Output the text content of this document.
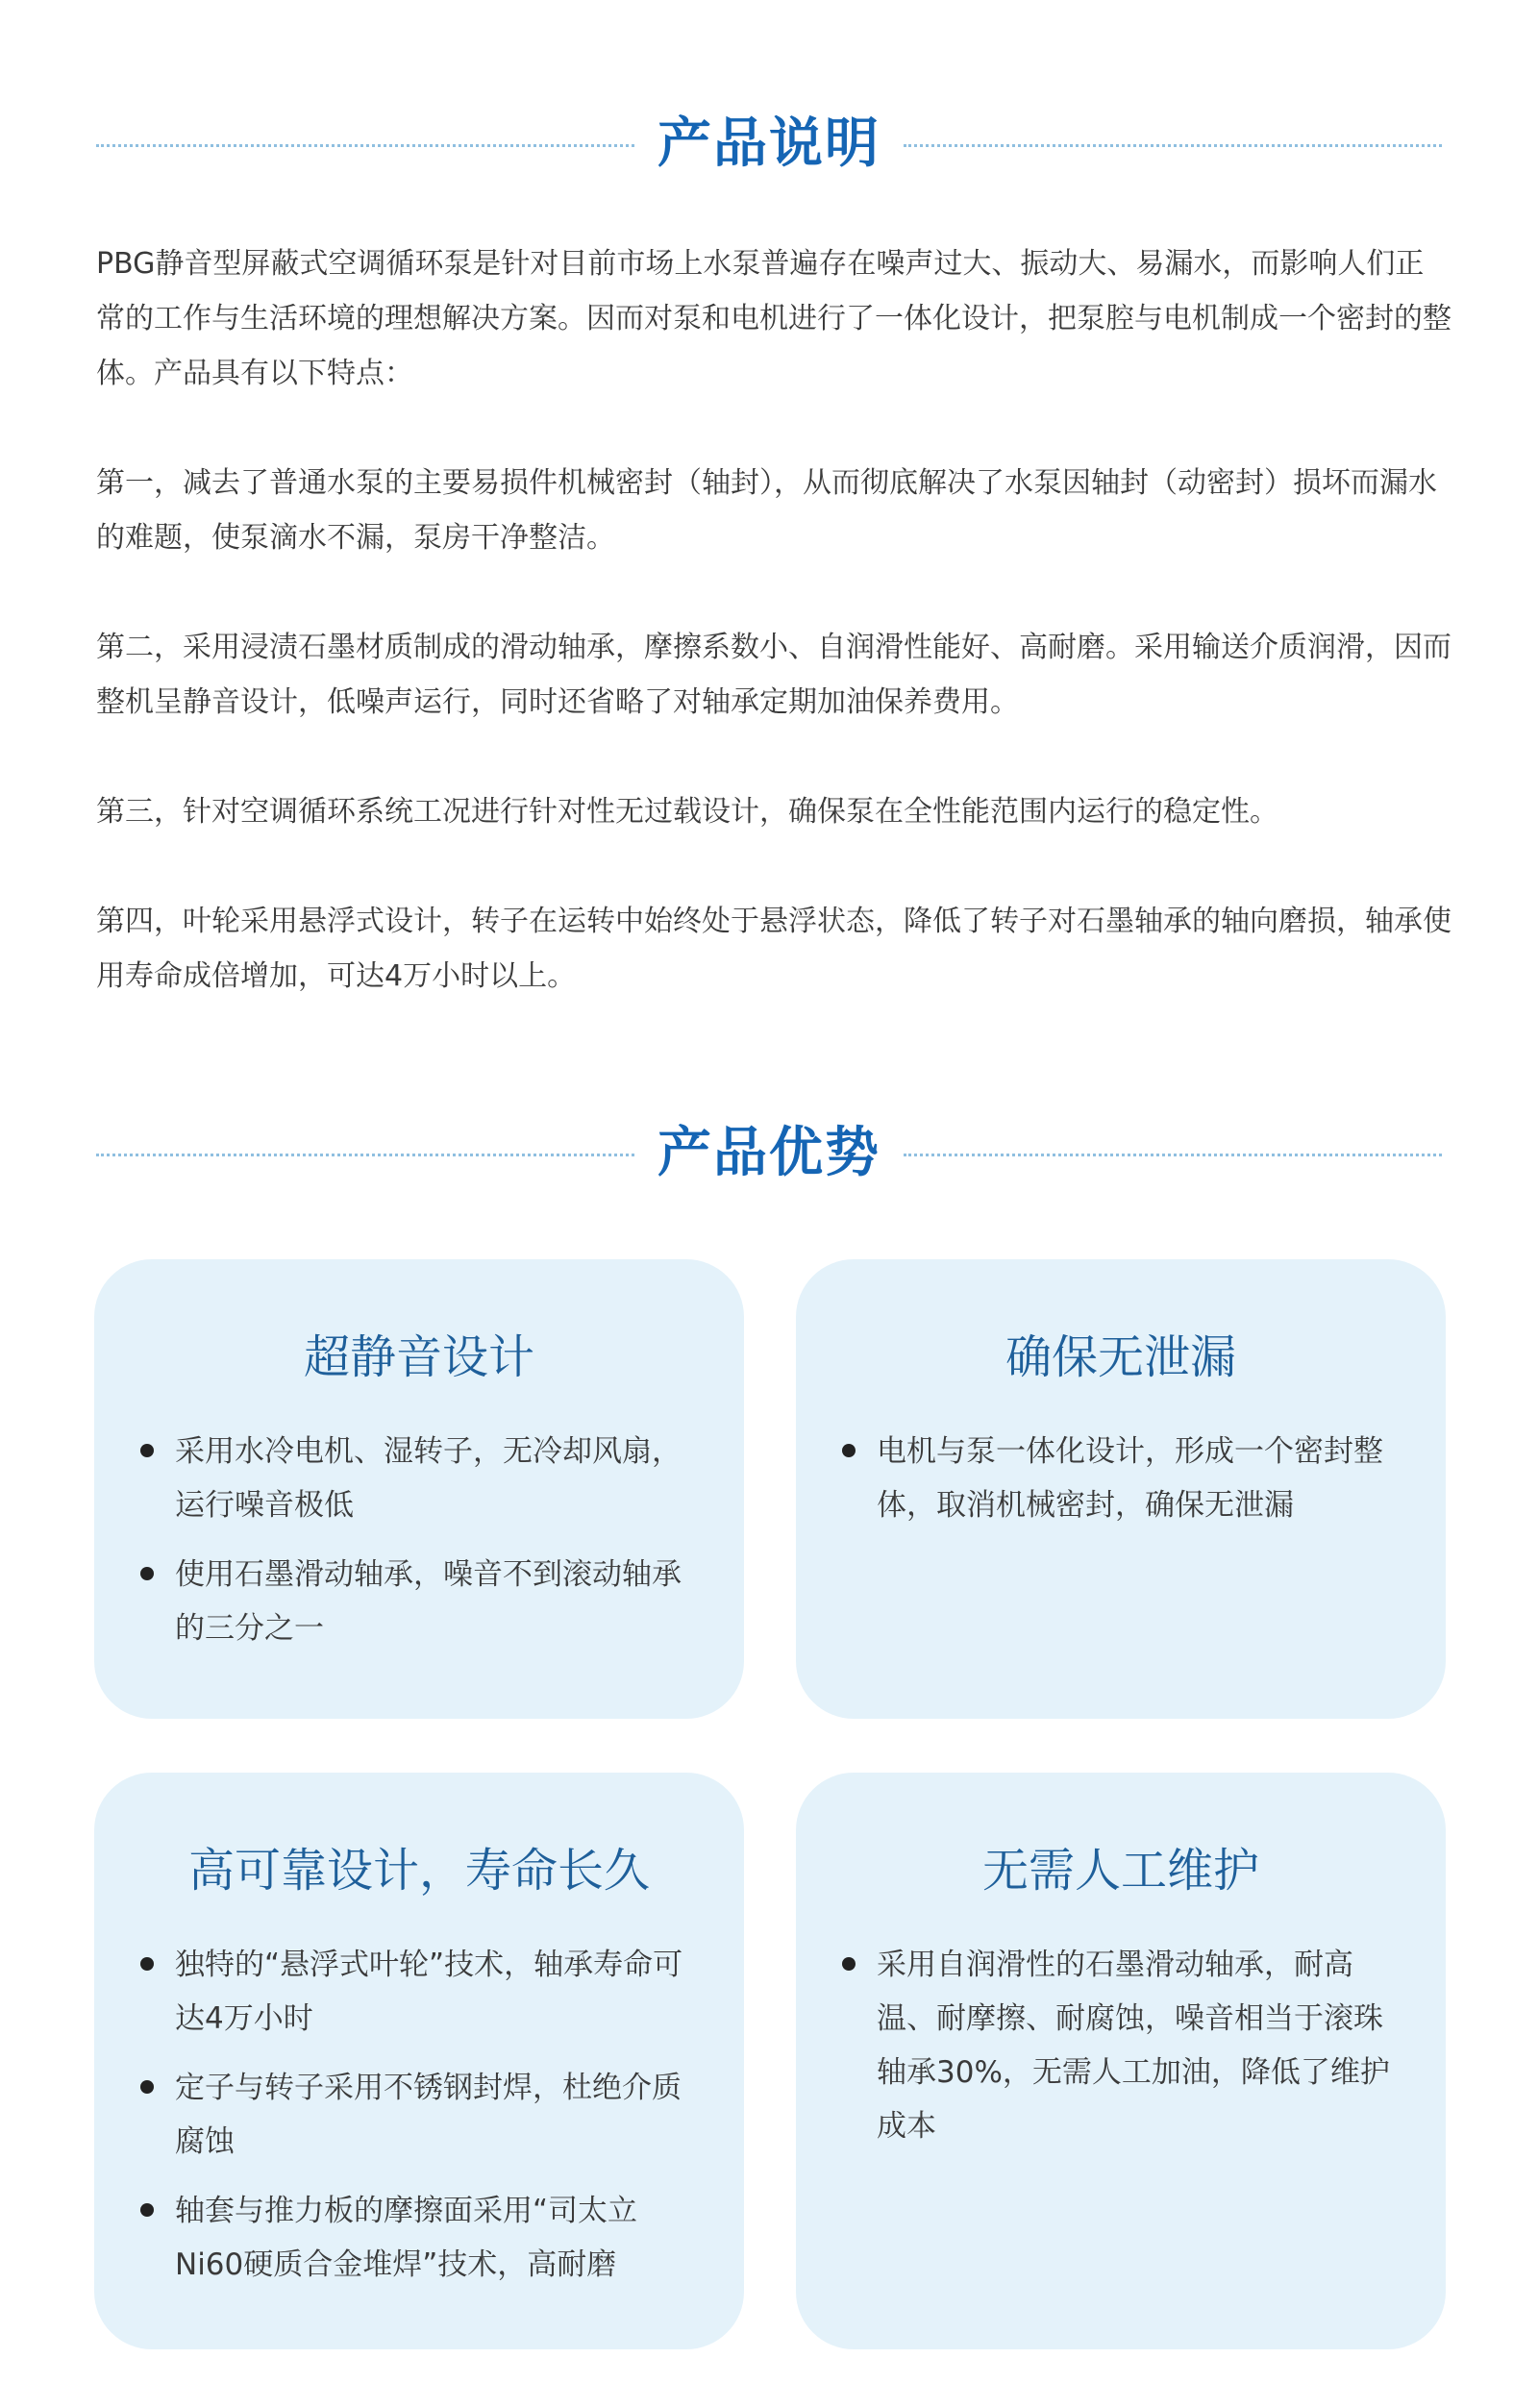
产品说明

PBG静音型屏蔽式空调循环泵是针对目前市场上水泵普遍存在噪声过大、振动大、易漏水，而影响人们正常的工作与生活环境的理想解决方案。因而对泵和电机进行了一体化设计，把泵腔与电机制成一个密封的整体。产品具有以下特点：

第一，减去了普通水泵的主要易损件机械密封（轴封），从而彻底解决了水泵因轴封（动密封）损坏而漏水的难题，使泵滴水不漏，泵房干净整洁。

第二，采用浸渍石墨材质制成的滑动轴承，摩擦系数小、自润滑性能好、高耐磨。采用输送介质润滑，因而整机呈静音设计，低噪声运行，同时还省略了对轴承定期加油保养费用。

第三，针对空调循环系统工况进行针对性无过载设计，确保泵在全性能范围内运行的稳定性。

第四，叶轮采用悬浮式设计，转子在运转中始终处于悬浮状态，降低了转子对石墨轴承的轴向磨损，轴承使用寿命成倍增加，可达4万小时以上。

产品优势
超静音设计
采用水冷电机、湿转子，无冷却风扇，运行噪音极低
使用石墨滑动轴承，噪音不到滚动轴承的三分之一
确保无泄漏
电机与泵一体化设计，形成一个密封整体，取消机械密封，确保无泄漏
高可靠设计，寿命长久
独特的“悬浮式叶轮”技术，轴承寿命可达4万小时
定子与转子采用不锈钢封焊，杜绝介质腐蚀
轴套与推力板的摩擦面采用“司太立Ni60硬质合金堆焊”技术，高耐磨
无需人工维护
采用自润滑性的石墨滑动轴承，耐高温、耐摩擦、耐腐蚀，噪音相当于滚珠轴承30%，无需人工加油，降低了维护成本
